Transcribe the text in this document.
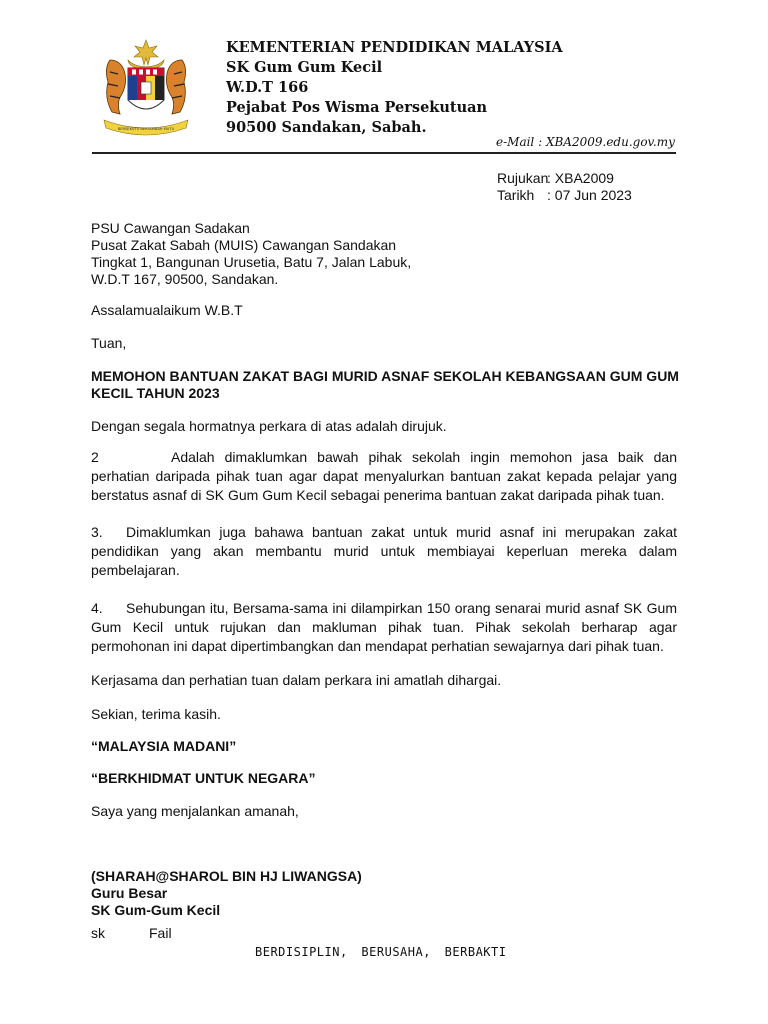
BERSEKUTU BERTAMBAH MUTU
KEMENTERIAN PENDIDIKAN MALAYSIA
SK Gum Gum Kecil
W.D.T 166
Pejabat Pos Wisma Persekutuan
90500 Sandakan, Sabah.
e-Mail : XBA2009.edu.gov.my
Rujukan: XBA2009
Tarikh : 07 Jun 2023
PSU Cawangan Sadakan
Pusat Zakat Sabah (MUIS) Cawangan Sandakan
Tingkat 1, Bangunan Urusetia, Batu 7, Jalan Labuk,
W.D.T 167, 90500, Sandakan.
Assalamualaikum W.B.T
Tuan,
MEMOHON BANTUAN ZAKAT BAGI MURID ASNAF SEKOLAH KEBANGSAAN GUM GUM KECIL TAHUN 2023
Dengan segala hormatnya perkara di atas adalah dirujuk.
2	Adalah dimaklumkan bawah pihak sekolah ingin memohon jasa baik dan perhatian daripada pihak tuan agar dapat menyalurkan bantuan zakat kepada pelajar yang berstatus asnaf di SK Gum Gum Kecil sebagai penerima bantuan zakat daripada pihak tuan.
3. Dimaklumkan juga bahawa bantuan zakat untuk murid asnaf ini merupakan zakat pendidikan yang akan membantu murid untuk membiayai keperluan mereka dalam pembelajaran.
4. Sehubungan itu, Bersama-sama ini dilampirkan 150 orang senarai murid asnaf SK Gum Gum Kecil untuk rujukan dan makluman pihak tuan. Pihak sekolah berharap agar permohonan ini dapat dipertimbangkan dan mendapat perhatian sewajarnya dari pihak tuan.
Kerjasama dan perhatian tuan dalam perkara ini amatlah dihargai.
Sekian, terima kasih.
“MALAYSIA MADANI”
“BERKHIDMAT UNTUK NEGARA”
Saya yang menjalankan amanah,
(SHARAH@SHAROL BIN HJ LIWANGSA)
Guru Besar
SK Gum-Gum Kecil
sk	Fail
BERDISIPLIN, BERUSAHA, BERBAKTI
